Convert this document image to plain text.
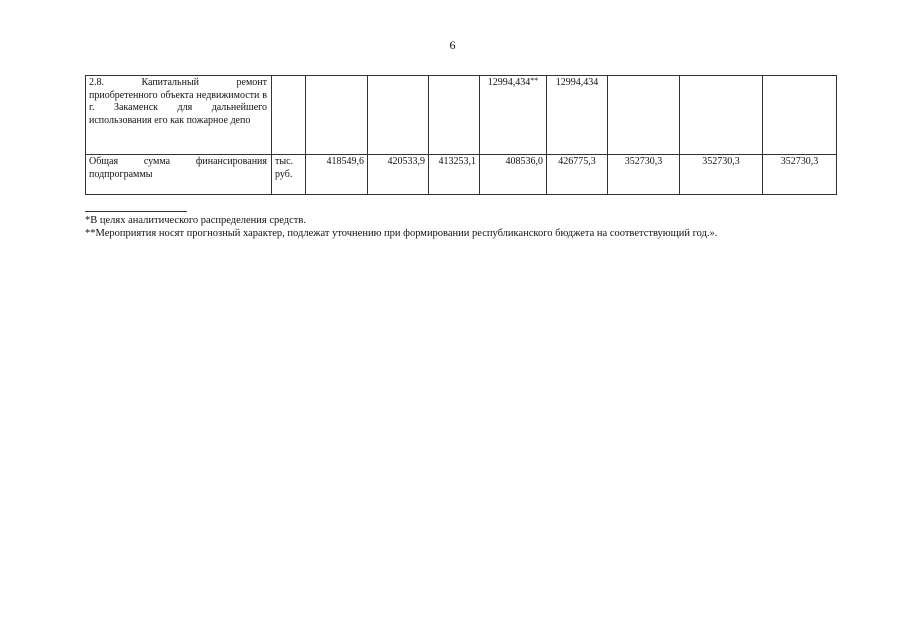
6
2.8. Капитальный ремонт приобретенного объекта недвижимости в г. Закаменск для дальнейшего использования его как пожарное депо					12994,434**	12994,434			
Общая сумма финансирования подпрограммы	тыс. руб.	418549,6	420533,9	413253,1	408536,0	426775,3	352730,3	352730,3	352730,3

*В целях аналитического распределения средств.

**Мероприятия носят прогнозный характер, подлежат уточнению при формировании республиканского бюджета на соответствующий год.».
